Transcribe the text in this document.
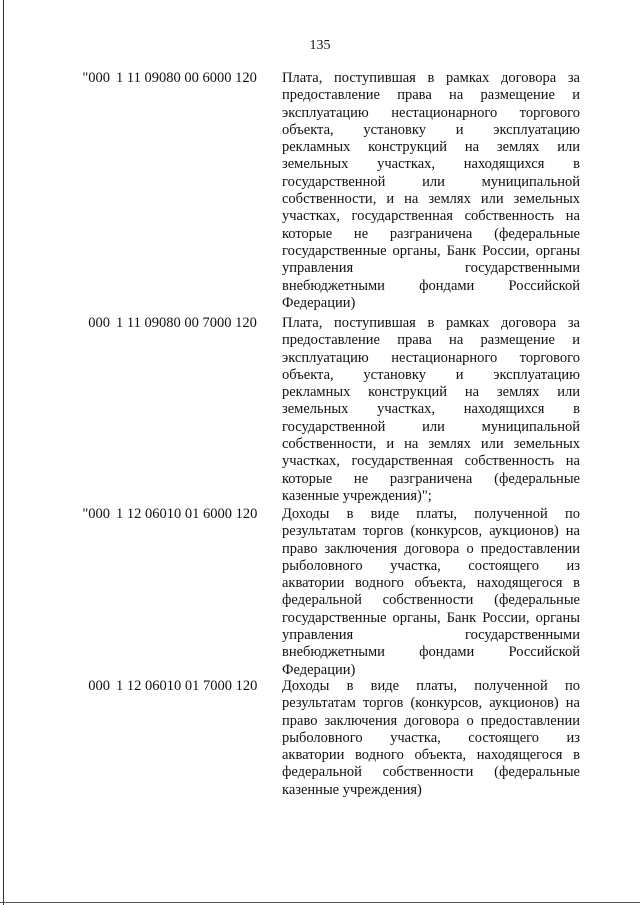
135
"000 1 11 09080 00 6000 120	Плата, поступившая в рамках договора за
предоставление права на размещение и
эксплуатацию нестационарного торгового
объекта, установку и эксплуатацию
рекламных конструкций на землях или
земельных участках, находящихся в
государственной или муниципальной
собственности, и на землях или земельных
участках, государственная собственность на
которые не разграничена (федеральные
государственные органы, Банк России, органы
управления государственными
внебюджетными фондами Российской
Федерации)
000 1 11 09080 00 7000 120	Плата, поступившая в рамках договора за
предоставление права на размещение и
эксплуатацию нестационарного торгового
объекта, установку и эксплуатацию
рекламных конструкций на землях или
земельных участках, находящихся в
государственной или муниципальной
собственности, и на землях или земельных
участках, государственная собственность на
которые не разграничена (федеральные
казенные учреждения)";
"000 1 12 06010 01 6000 120	Доходы в виде платы, полученной по
результатам торгов (конкурсов, аукционов) на
право заключения договора о предоставлении
рыболовного участка, состоящего из
акватории водного объекта, находящегося в
федеральной собственности (федеральные
государственные органы, Банк России, органы
управления государственными
внебюджетными фондами Российской
Федерации)
000 1 12 06010 01 7000 120	Доходы в виде платы, полученной по
результатам торгов (конкурсов, аукционов) на
право заключения договора о предоставлении
рыболовного участка, состоящего из
акватории водного объекта, находящегося в
федеральной собственности (федеральные
казенные учреждения)
